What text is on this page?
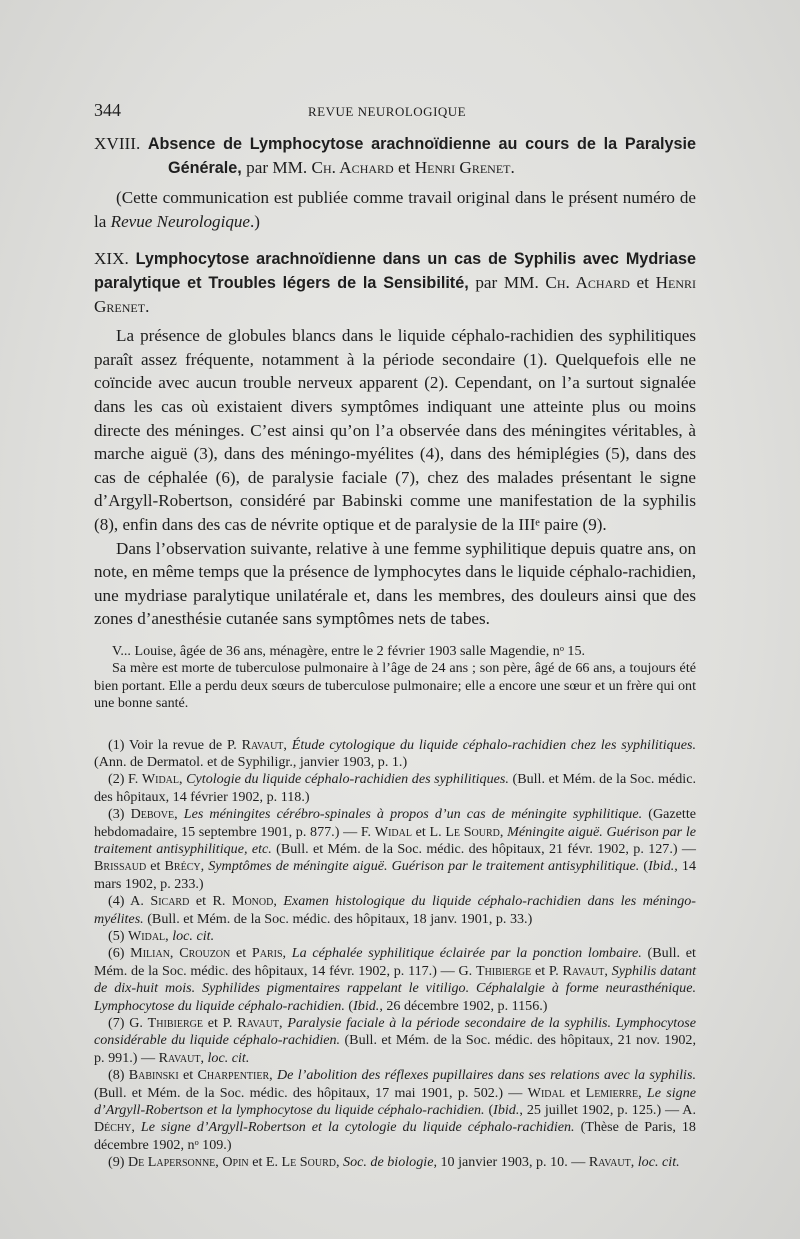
344	REVUE NEUROLOGIQUE
XVIII. Absence de Lymphocytose arachnoïdienne au cours de la Paralysie Générale, par MM. Ch. Achard et Henri Grenet.

(Cette communication est publiée comme travail original dans le présent numéro de la Revue Neurologique.)

XIX. Lymphocytose arachnoïdienne dans un cas de Syphilis avec Mydriase paralytique et Troubles légers de la Sensibilité, par MM. Ch. Achard et Henri Grenet.

La présence de globules blancs dans le liquide céphalo-rachidien des syphilitiques paraît assez fréquente, notamment à la période secondaire (1). Quelquefois elle ne coïncide avec aucun trouble nerveux apparent (2). Cependant, on l’a surtout signalée dans les cas où existaient divers symptômes indiquant une atteinte plus ou moins directe des méninges. C’est ainsi qu’on l’a observée dans des méningites véritables, à marche aiguë (3), dans des méningo-myélites (4), dans des hémiplégies (5), dans des cas de céphalée (6), de paralysie faciale (7), chez des malades présentant le signe d’Argyll-Robertson, considéré par Babinski comme une manifestation de la syphilis (8), enfin dans des cas de névrite optique et de paralysie de la IIIᵉ paire (9).

Dans l’observation suivante, relative à une femme syphilitique depuis quatre ans, on note, en même temps que la présence de lymphocytes dans le liquide céphalo-rachidien, une mydriase paralytique unilatérale et, dans les membres, des douleurs ainsi que des zones d’anesthésie cutanée sans symptômes nets de tabes.

V... Louise, âgée de 36 ans, ménagère, entre le 2 février 1903 salle Magendie, nᵒ 15.

Sa mère est morte de tuberculose pulmonaire à l’âge de 24 ans ; son père, âgé de 66 ans, a toujours été bien portant. Elle a perdu deux sœurs de tuberculose pulmonaire; elle a encore une sœur et un frère qui ont une bonne santé.

(1) Voir la revue de P. Ravaut, Étude cytologique du liquide céphalo-rachidien chez les syphilitiques. (Ann. de Dermatol. et de Syphiligr., janvier 1903, p. 1.)

(2) F. Widal, Cytologie du liquide céphalo-rachidien des syphilitiques. (Bull. et Mém. de la Soc. médic. des hôpitaux, 14 février 1902, p. 118.)

(3) Debove, Les méningites cérébro-spinales à propos d’un cas de méningite syphilitique. (Gazette hebdomadaire, 15 septembre 1901, p. 877.) — F. Widal et L. Le Sourd, Méningite aiguë. Guérison par le traitement antisyphilitique, etc. (Bull. et Mém. de la Soc. médic. des hôpitaux, 21 févr. 1902, p. 127.) — Brissaud et Brécy, Symptômes de méningite aiguë. Guérison par le traitement antisyphilitique. (Ibid., 14 mars 1902, p. 233.)

(4) A. Sicard et R. Monod, Examen histologique du liquide céphalo-rachidien dans les méningo-myélites. (Bull. et Mém. de la Soc. médic. des hôpitaux, 18 janv. 1901, p. 33.)

(5) Widal, loc. cit.

(6) Milian, Crouzon et Paris, La céphalée syphilitique éclairée par la ponction lombaire. (Bull. et Mém. de la Soc. médic. des hôpitaux, 14 févr. 1902, p. 117.) — G. Thibierge et P. Ravaut, Syphilis datant de dix-huit mois. Syphilides pigmentaires rappelant le vitiligo. Céphalalgie à forme neurasthénique. Lymphocytose du liquide céphalo-rachidien. (Ibid., 26 décembre 1902, p. 1156.)

(7) G. Thibierge et P. Ravaut, Paralysie faciale à la période secondaire de la syphilis. Lymphocytose considérable du liquide céphalo-rachidien. (Bull. et Mém. de la Soc. médic. des hôpitaux, 21 nov. 1902, p. 991.) — Ravaut, loc. cit.

(8) Babinski et Charpentier, De l’abolition des réflexes pupillaires dans ses relations avec la syphilis. (Bull. et Mém. de la Soc. médic. des hôpitaux, 17 mai 1901, p. 502.) — Widal et Lemierre, Le signe d’Argyll-Robertson et la lymphocytose du liquide céphalo-rachidien. (Ibid., 25 juillet 1902, p. 125.) — A. Déchy, Le signe d’Argyll-Robertson et la cytologie du liquide céphalo-rachidien. (Thèse de Paris, 18 décembre 1902, nᵒ 109.)

(9) De Lapersonne, Opin et E. Le Sourd, Soc. de biologie, 10 janvier 1903, p. 10. — Ravaut, loc. cit.
